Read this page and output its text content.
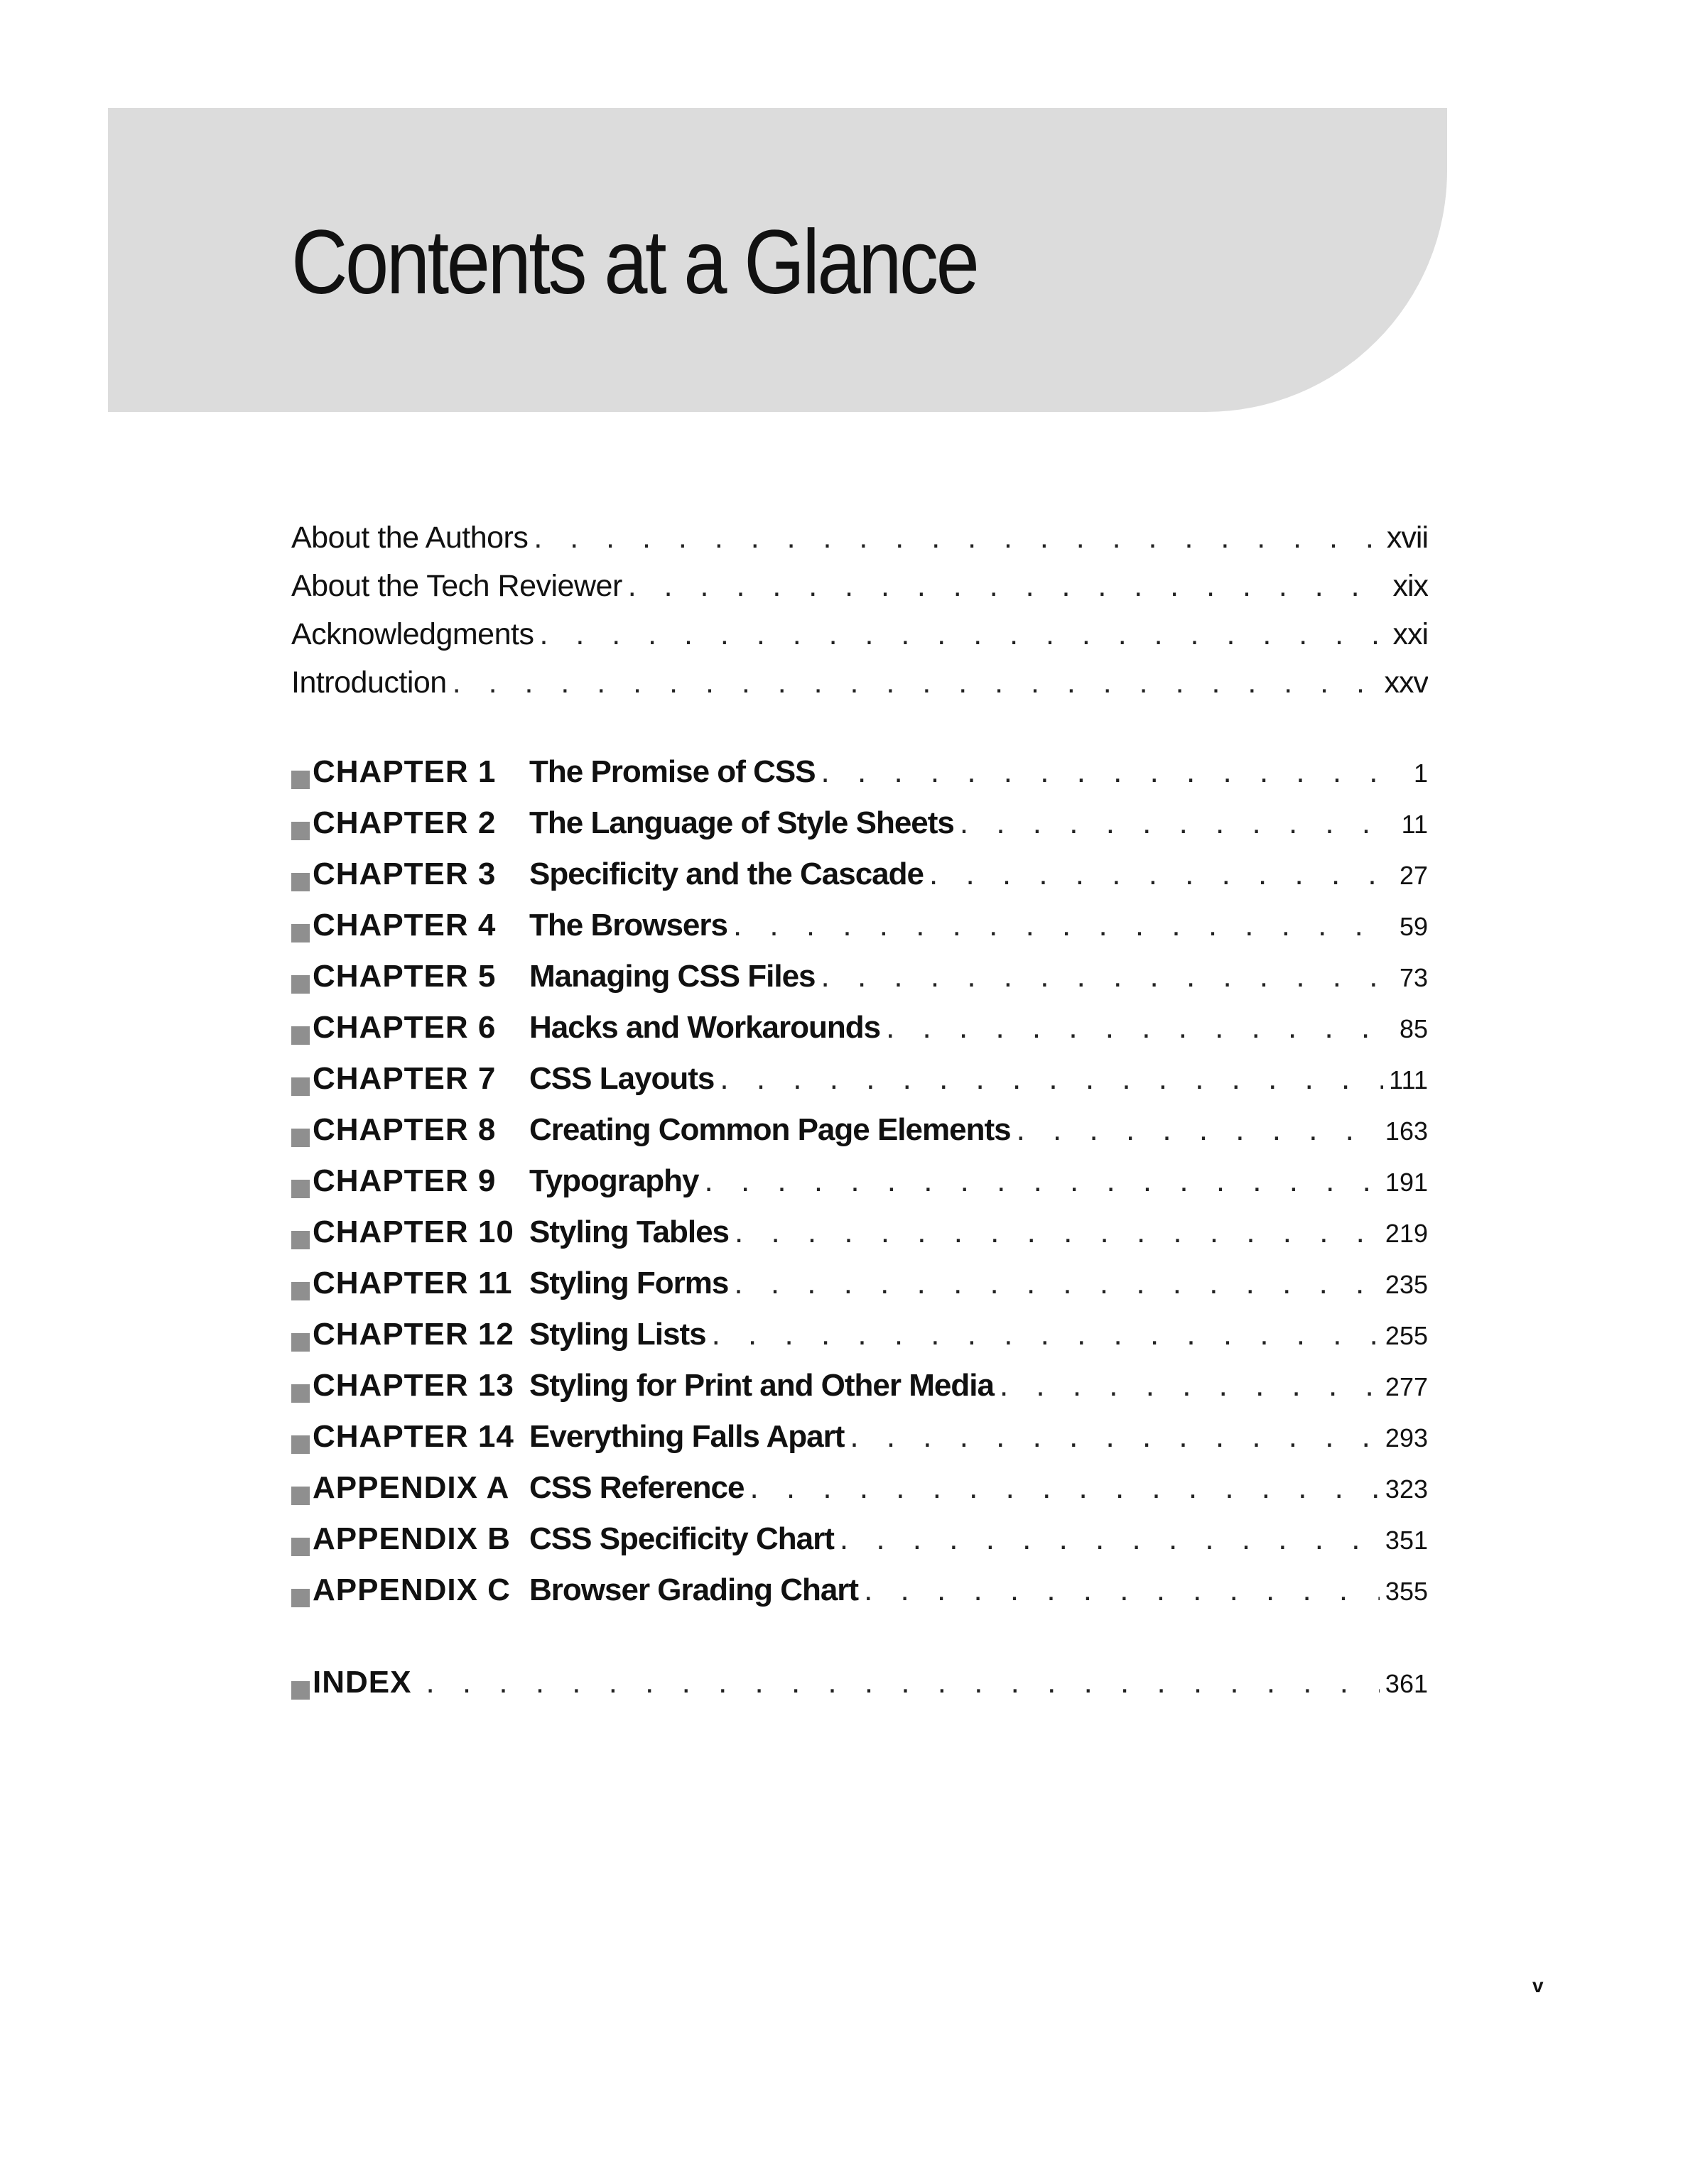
Contents at a Glance
About the Authors . . .	xvii
About the Tech Reviewer . . .	xix
Acknowledgments . . .	xxi
Introduction . . .	xxv
CHAPTER 1	The Promise of CSS . . .	1
CHAPTER 2	The Language of Style Sheets . . .	11
CHAPTER 3	Specificity and the Cascade . . .	27
CHAPTER 4	The Browsers . . .	59
CHAPTER 5	Managing CSS Files . . .	73
CHAPTER 6	Hacks and Workarounds . . .	85
CHAPTER 7	CSS Layouts . . .	111
CHAPTER 8	Creating Common Page Elements . . .	163
CHAPTER 9	Typography . . .	191
CHAPTER 10 Styling Tables . . .	219
CHAPTER 11 Styling Forms . . .	235
CHAPTER 12 Styling Lists . . .	255
CHAPTER 13 Styling for Print and Other Media . . .	277
CHAPTER 14 Everything Falls Apart . . .	293
APPENDIX A CSS Reference . . .	323
APPENDIX B CSS Specificity Chart . . .	351
APPENDIX C Browser Grading Chart . . .	355
INDEX . . .	361
v
